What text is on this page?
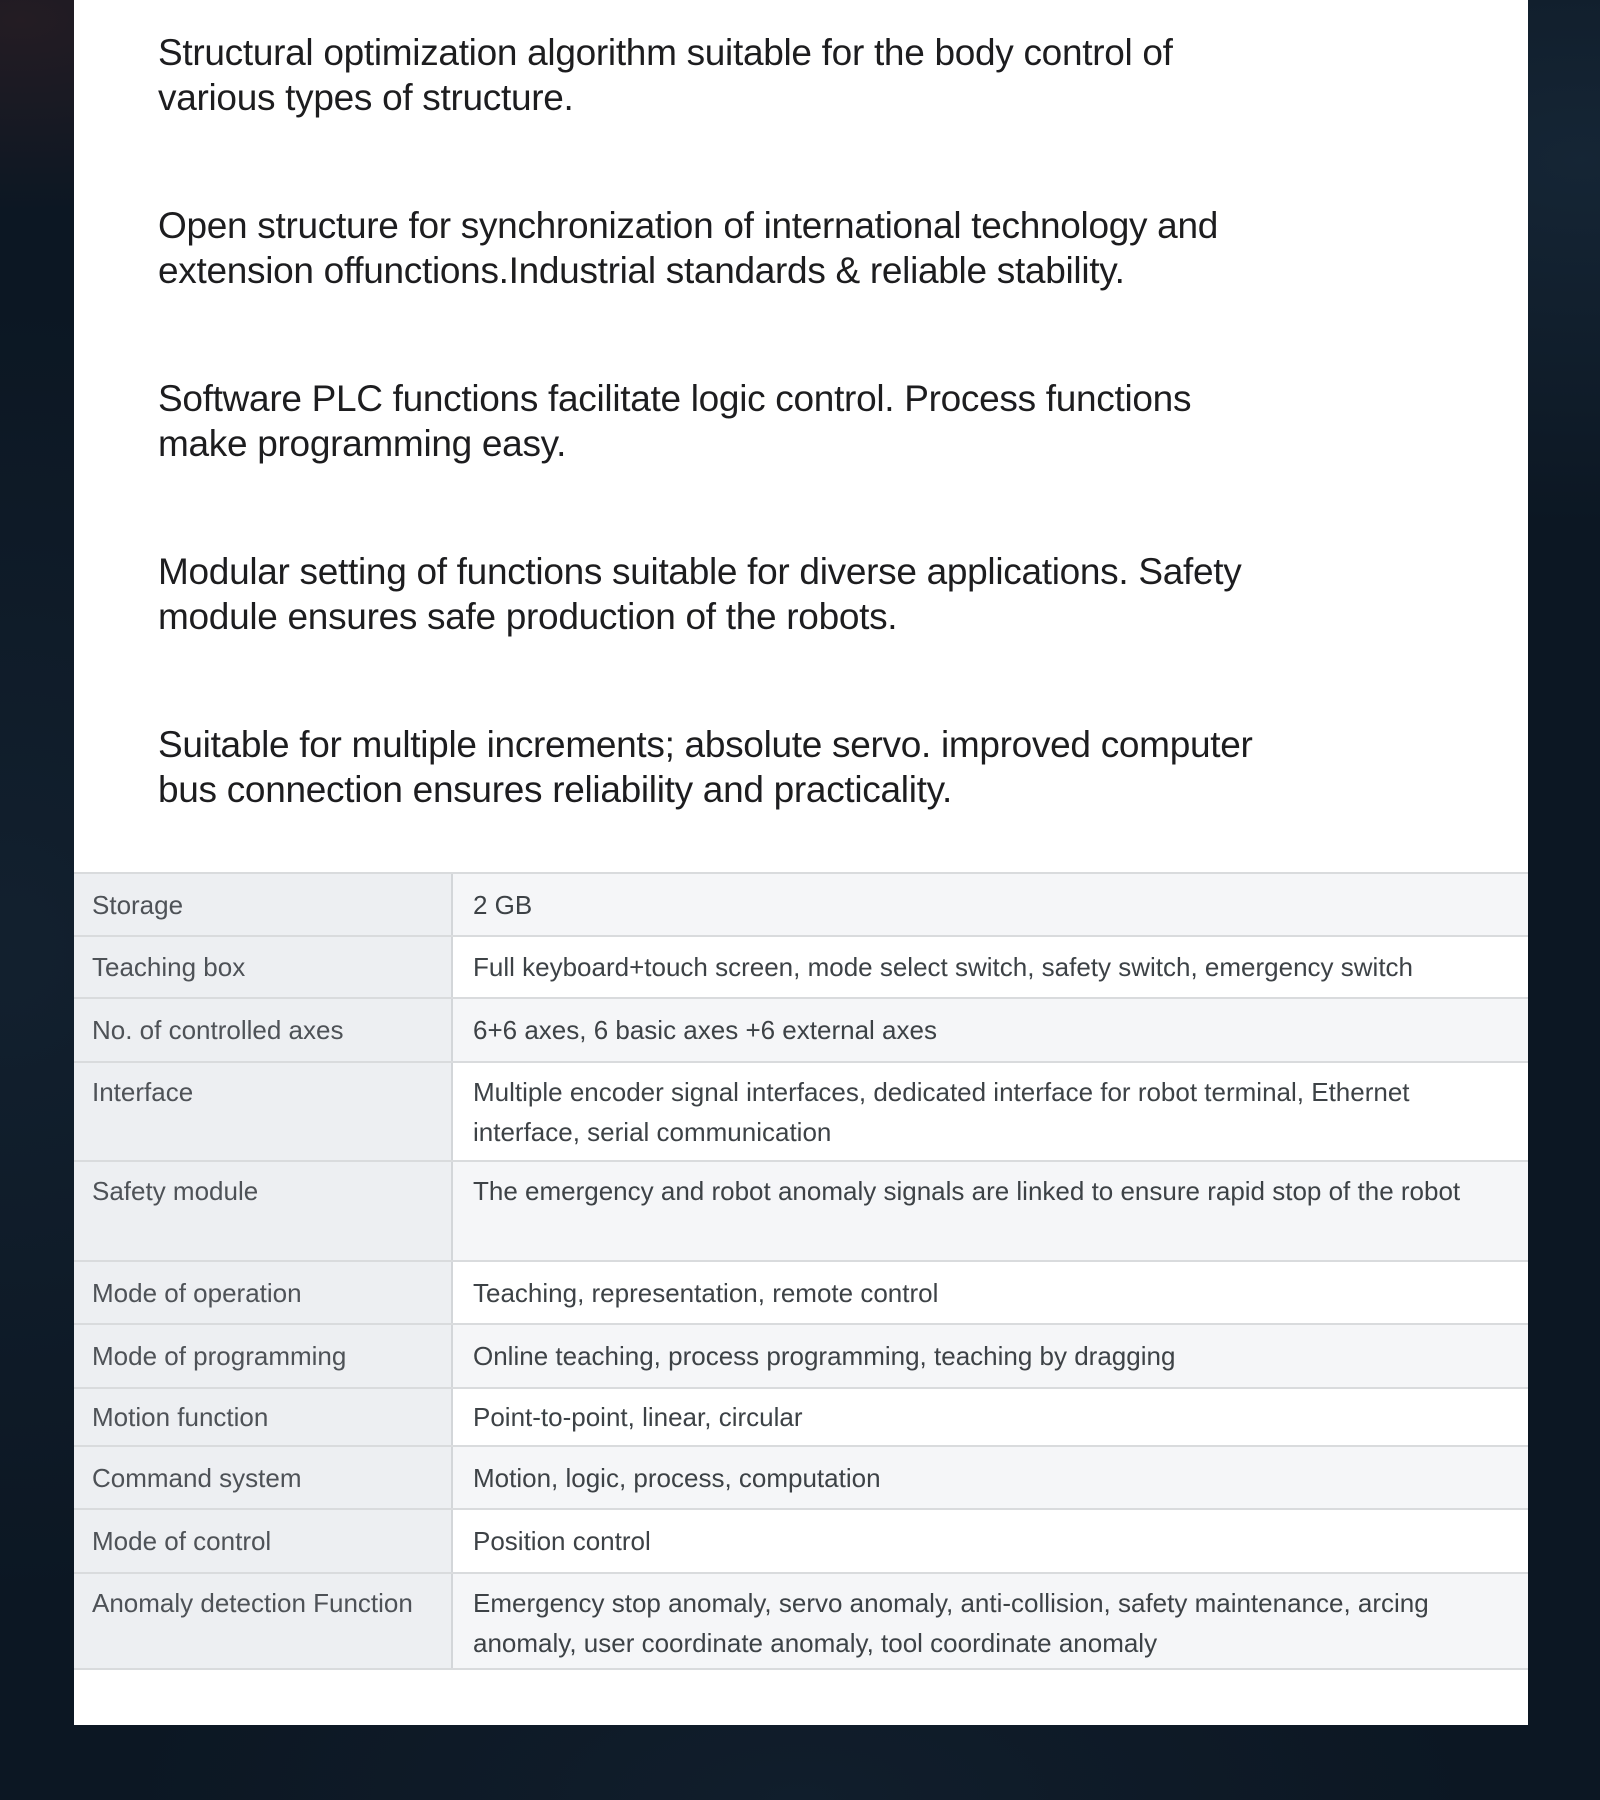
Structural optimization algorithm suitable for the body control of
various types of structure.

Open structure for synchronization of international technology and
extension offunctions.Industrial standards & reliable stability.

Software PLC functions facilitate logic control. Process functions
make programming easy.

Modular setting of functions suitable for diverse applications. Safety
module ensures safe production of the robots.

Suitable for multiple increments; absolute servo. improved computer
bus connection ensures reliability and practicality.

Storage	2 GB
Teaching box	Full keyboard+touch screen, mode select switch, safety switch, emergency switch
No. of controlled axes	6+6 axes, 6 basic axes +6 external axes
Interface	Multiple encoder signal interfaces, dedicated interface for robot terminal, Ethernet interface, serial communication
Safety module	The emergency and robot anomaly signals are linked to ensure rapid stop of the robot
Mode of operation	Teaching, representation, remote control
Mode of programming	Online teaching, process programming, teaching by dragging
Motion function	Point-to-point, linear, circular
Command system	Motion, logic, process, computation
Mode of control	Position control
Anomaly detection Function	Emergency stop anomaly, servo anomaly, anti-collision, safety maintenance, arcing anomaly, user coordinate anomaly, tool coordinate anomaly
